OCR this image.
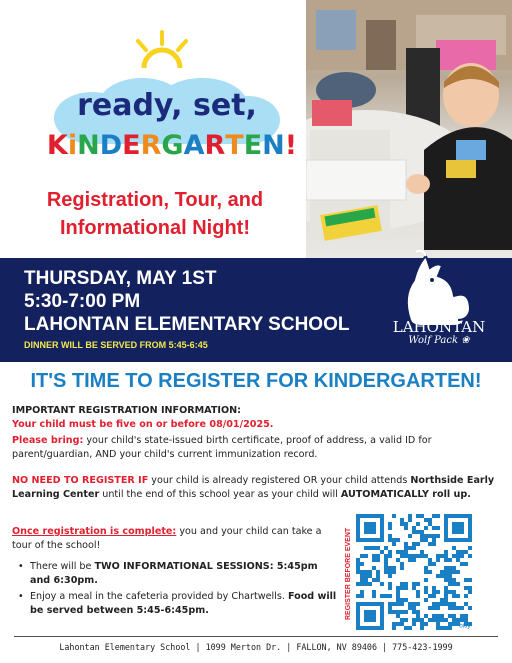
ready, set,
KiNDERGARTEN!
Registration, Tour, and
Informational Night!
THURSDAY, MAY 1ST
5:30-7:00 PM
LAHONTAN ELEMENTARY SCHOOL
DINNER WILL BE SERVED FROM 5:45-6:45
LAHONTAN
Wolf Pack ❀
IT'S TIME TO REGISTER FOR KINDERGARTEN!
IMPORTANT REGISTRATION INFORMATION:
Your child must be five on or before 08/01/2025.
Please bring: your child's state-issued birth certificate, proof of address, a valid ID for parent/guardian, AND your child's current immunization record.
NO NEED TO REGISTER IF your child is already registered OR your child attends Northside Early Learning Center until the end of this school year as your child will AUTOMATICALLY roll up.
Once registration is complete: you and your child can take a tour of the school!
• There will be TWO INFORMATIONAL SESSIONS: 5:45pm and 6:30pm.
• Enjoy a meal in the cafeteria provided by Chartwells. Food will be served between 5:45-6:45pm.	REGISTER BEFORE EVENT
bitly
Lahontan Elementary School | 1099 Merton Dr. | FALLON, NV 89406 | 775-423-1999
